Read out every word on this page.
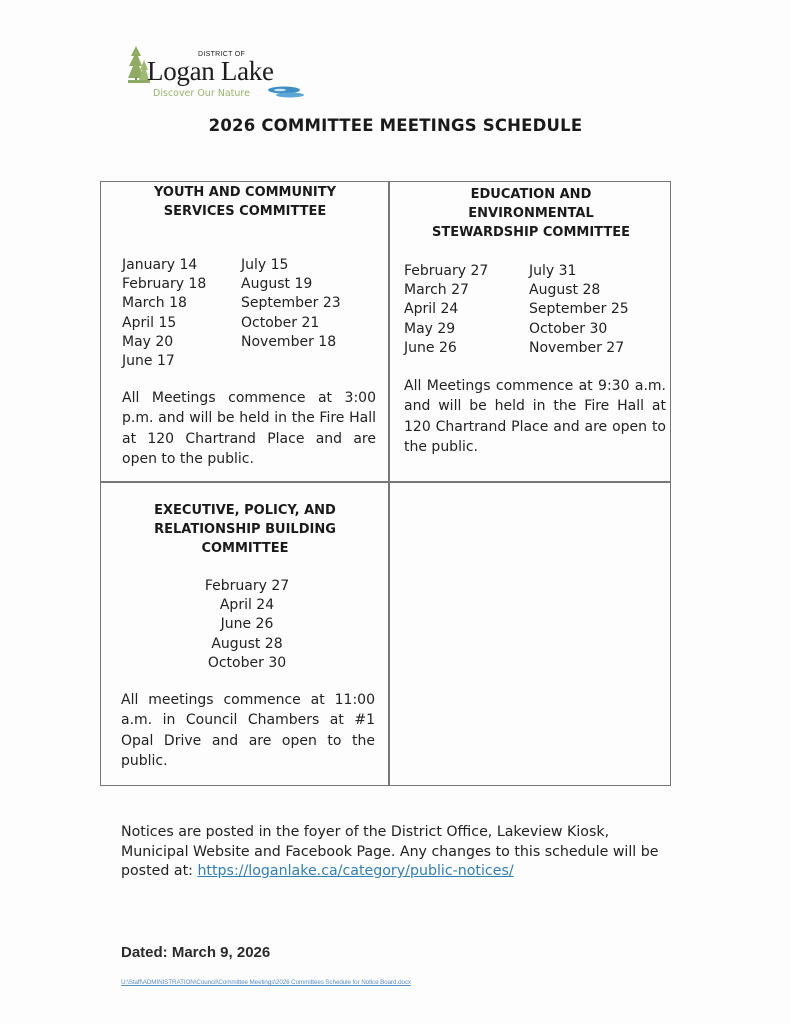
DISTRICT OF
Logan Lake
Discover Our Nature
2026 COMMITTEE MEETINGS SCHEDULE
YOUTH AND COMMUNITY
SERVICES COMMITTEE
January 14
February 18
March 18
April 15
May 20
June 17
July 15
August 19
September 23
October 21
November 18
All Meetings commence at 3:00 p.m. and will be held in the Fire Hall at 120 Chartrand Place and are open to the public.
EDUCATION AND
ENVIRONMENTAL
STEWARDSHIP COMMITTEE
February 27
March 27
April 24
May 29
June 26
July 31
August 28
September 25
October 30
November 27
All Meetings commence at 9:30 a.m. and will be held in the Fire Hall at 120 Chartrand Place and are open to the public.
EXECUTIVE, POLICY, AND
RELATIONSHIP BUILDING
COMMITTEE
February 27
April 24
June 26
August 28
October 30
All meetings commence at 11:00 a.m. in Council Chambers at #1 Opal Drive and are open to the public.
Notices are posted in the foyer of the District Office, Lakeview Kiosk, Municipal Website and Facebook Page. Any changes to this schedule will be posted at: https://loganlake.ca/category/public-notices/
Dated: March 9, 2026
U:\Staff\ADMINISTRATION\Council\Committee Meetings\2026 Committees Schedule for Notice Board.docx
